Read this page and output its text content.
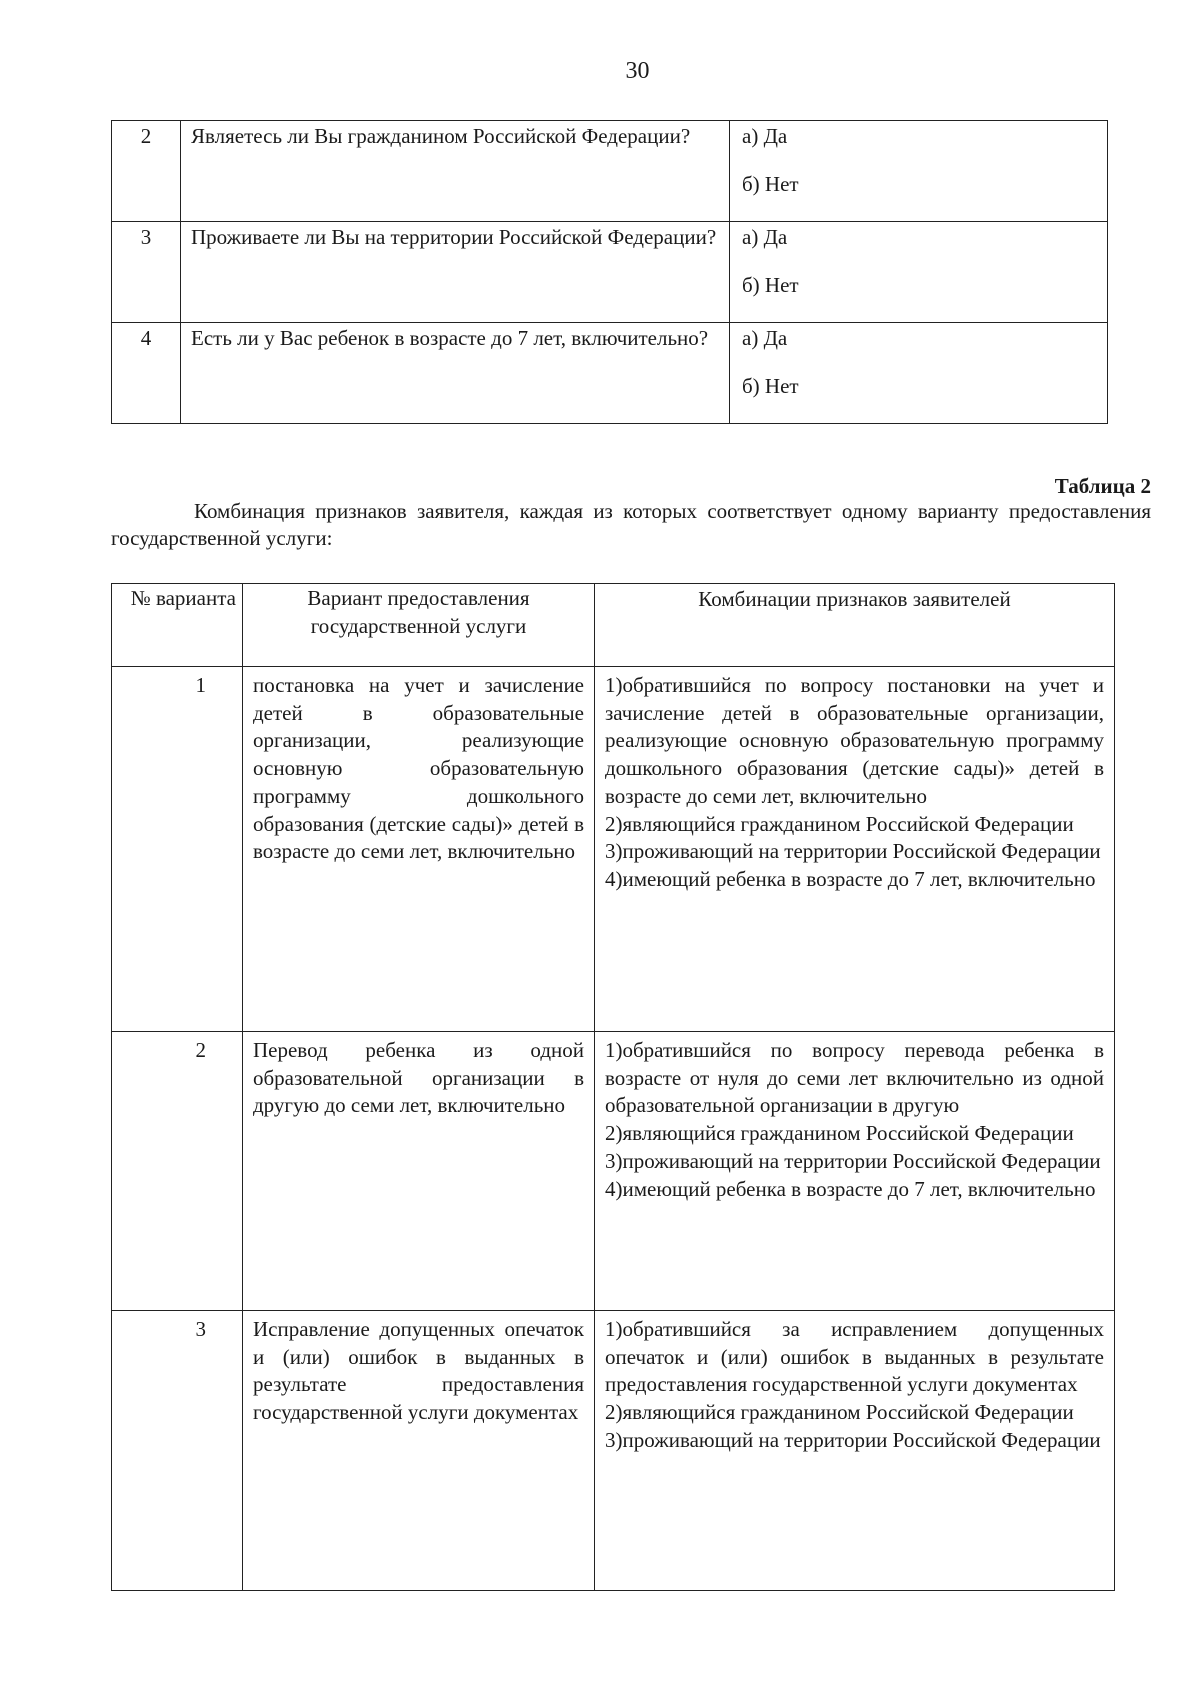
30
2	Являетесь ли Вы гражданином Российской Федерации?	а) Да
б) Нет

3	Проживаете ли Вы на территории Российской Федерации?	а) Да
б) Нет

4	Есть ли у Вас ребенок в возрасте до 7 лет, включительно?	а) Да
б) Нет
Таблица 2
Комбинация признаков заявителя, каждая из которых соответствует одному варианту предоставления государственной услуги:
№ варианта	Вариант предоставления государственной услуги	Комбинации признаков заявителей
1	постановка на учет и зачисление детей в образовательные организации, реализующие основную образовательную программу дошкольного образования (детские сады)» детей в возрасте до семи лет, включительно	1)обратившийся по вопросу постановки на учет и зачисление детей в образовательные организации, реализующие основную образовательную программу дошкольного образования (детские сады)» детей в возрасте до семи лет, включительно
2)являющийся гражданином Российской Федерации
3)проживающий на территории Российской Федерации
4)имеющий ребенка в возрасте до 7 лет, включительно

2	Перевод ребенка из одной образовательной организации в другую до семи лет, включительно	1)обратившийся по вопросу перевода ребенка в возрасте от нуля до семи лет включительно из одной образовательной организации в другую
2)являющийся гражданином Российской Федерации
3)проживающий на территории Российской Федерации
4)имеющий ребенка в возрасте до 7 лет, включительно

3	Исправление допущенных опечаток и (или) ошибок в выданных в результате предоставления государственной услуги документах	1)обратившийся за исправлением допущенных опечаток и (или) ошибок в выданных в результате предоставления государственной услуги документах
2)являющийся гражданином Российской Федерации
3)проживающий на территории Российской Федерации
